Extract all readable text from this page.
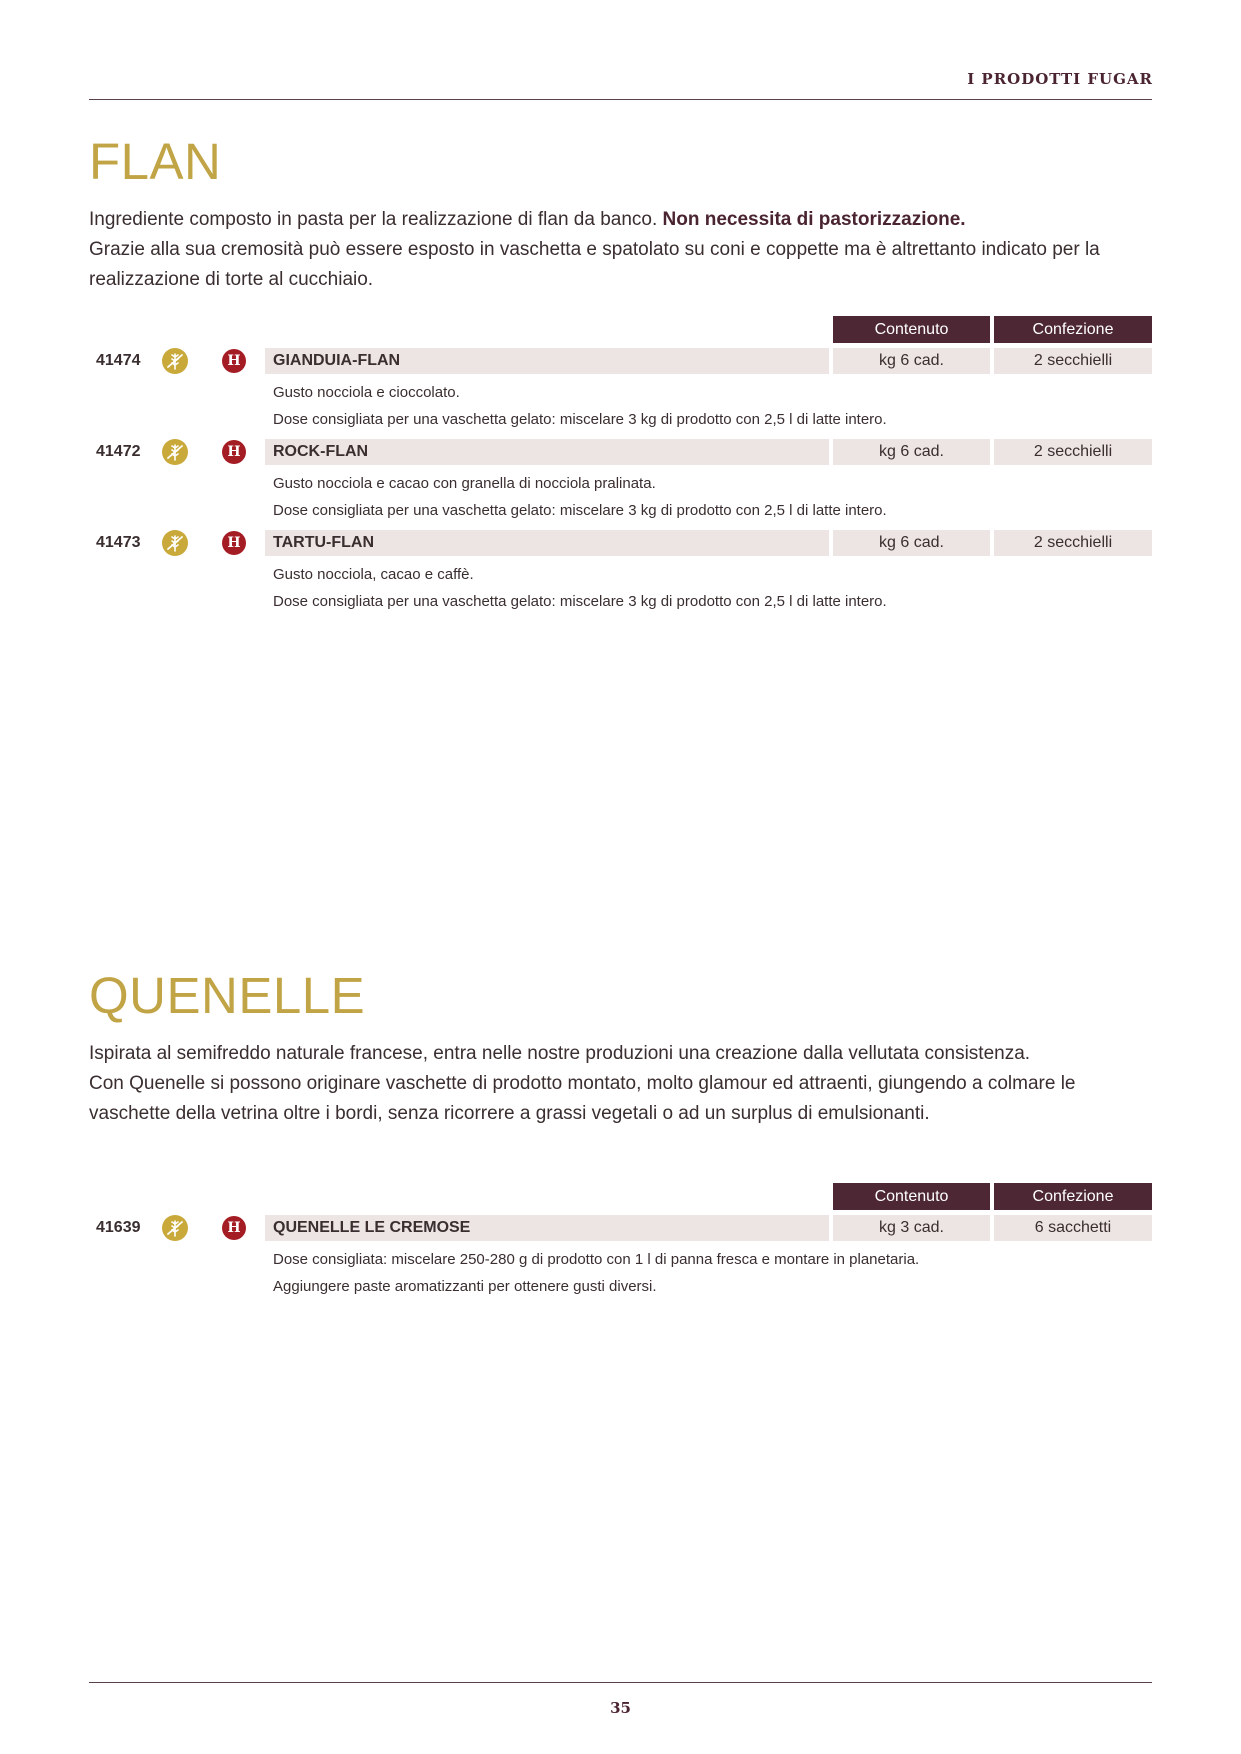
I PRODOTTI FUGAR
FLAN

Ingrediente composto in pasta per la realizzazione di flan da banco. Non necessita di pastorizzazione.

Grazie alla sua cremosità può essere esposto in vaschetta e spatolato su coni e coppette ma è altrettanto indicato per la realizzazione di torte al cucchiaio.

Contenuto	Confezione
41474	H	GIANDUIA-FLAN	kg 6 cad.	2 secchielli
Gusto nocciola e cioccolato.
Dose consigliata per una vaschetta gelato: miscelare 3 kg di prodotto con 2,5 l di latte intero.
41472	H	ROCK-FLAN	kg 6 cad.	2 secchielli
Gusto nocciola e cacao con granella di nocciola pralinata.
Dose consigliata per una vaschetta gelato: miscelare 3 kg di prodotto con 2,5 l di latte intero.
41473	H	TARTU-FLAN	kg 6 cad.	2 secchielli
Gusto nocciola, cacao e caffè.
Dose consigliata per una vaschetta gelato: miscelare 3 kg di prodotto con 2,5 l di latte intero.
QUENELLE

Ispirata al semifreddo naturale francese, entra nelle nostre produzioni una creazione dalla vellutata consistenza.

Con Quenelle si possono originare vaschette di prodotto montato, molto glamour ed attraenti, giungendo a colmare le vaschette della vetrina oltre i bordi, senza ricorrere a grassi vegetali o ad un surplus di emulsionanti.

Contenuto	Confezione
41639	H	QUENELLE LE CREMOSE	kg 3 cad.	6 sacchetti
Dose consigliata: miscelare 250-280 g di prodotto con 1 l di panna fresca e montare in planetaria.
Aggiungere paste aromatizzanti per ottenere gusti diversi.
35
